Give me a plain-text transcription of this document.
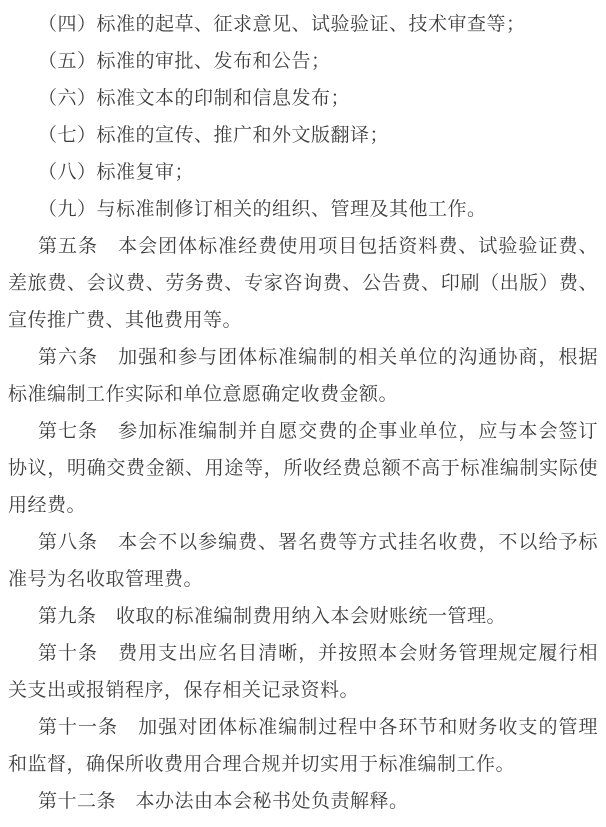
（四）标准的起草、征求意见、试验验证、技术审查等；

（五）标准的审批、发布和公告；

（六）标准文本的印制和信息发布；

（七）标准的宣传、推广和外文版翻译；

（八）标准复审；

（九）与标准制修订相关的组织、管理及其他工作。

第五条　本会团体标准经费使用项目包括资料费、试验验证费、差旅费、会议费、劳务费、专家咨询费、公告费、印刷（出版）费、宣传推广费、其他费用等。

第六条　加强和参与团体标准编制的相关单位的沟通协商，根据标准编制工作实际和单位意愿确定收费金额。

第七条　参加标准编制并自愿交费的企事业单位，应与本会签订协议，明确交费金额、用途等，所收经费总额不高于标准编制实际使用经费。

第八条　本会不以参编费、署名费等方式挂名收费，不以给予标准号为名收取管理费。

第九条　收取的标准编制费用纳入本会财账统一管理。

第十条　费用支出应名目清晰，并按照本会财务管理规定履行相关支出或报销程序，保存相关记录资料。

第十一条　加强对团体标准编制过程中各环节和财务收支的管理和监督，确保所收费用合理合规并切实用于标准编制工作。

第十二条　本办法由本会秘书处负责解释。
